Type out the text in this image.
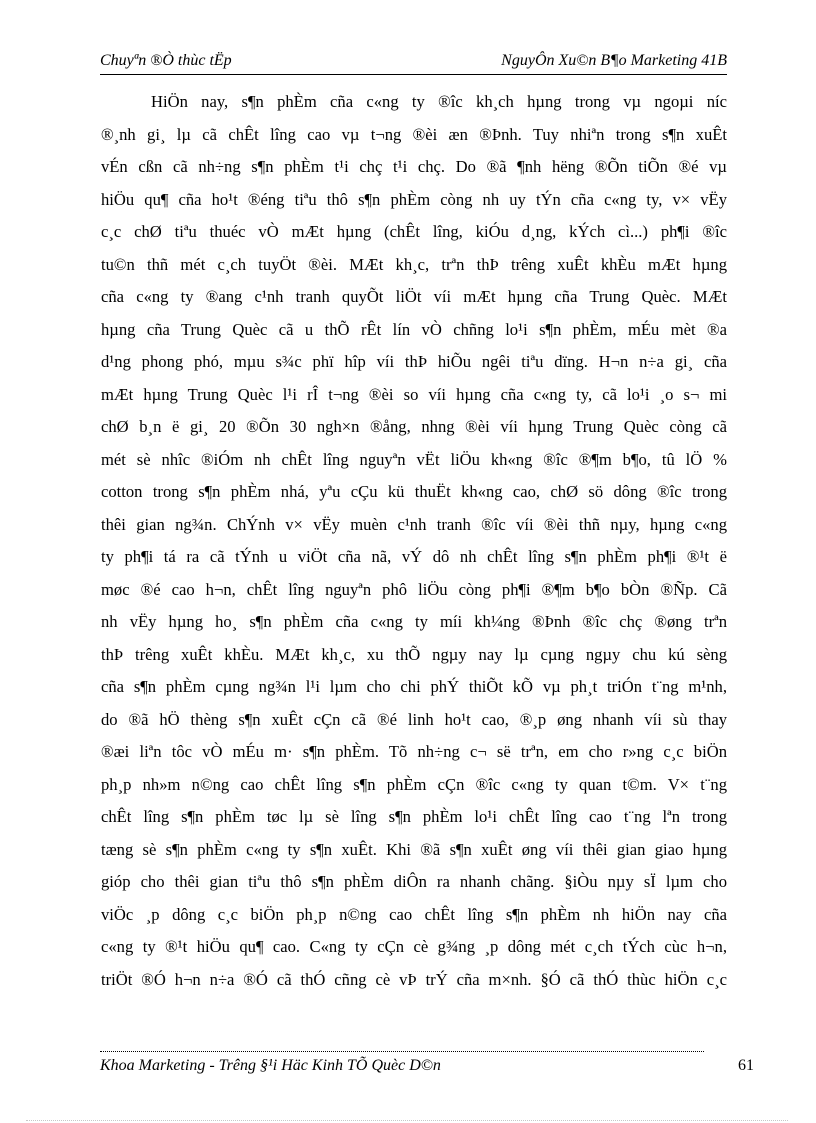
Chuyªn ®Ò thùc tËp	NguyÔn Xu©n B¶o Marketing 41B
HiÖn nay, s¶n phÈm cña c«ng ty ®îc kh¸ch hµng trong vµ ngoµi níc
®¸nh gi¸ lµ cã chÊt lîng cao vµ t¬ng ®èi æn ®Þnh. Tuy nhiªn trong s¶n xuÊt
vÉn cßn cã nh÷ng s¶n phÈm t¹i chç t¹i chç. Do ®ã ¶nh hëng ®Õn tiÕn ®é vµ
hiÖu qu¶ cña ho¹t ®éng tiªu thô s¶n phÈm còng nh uy tÝn cña c«ng ty, v× vËy
c¸c chØ tiªu thuéc vÒ mÆt hµng (chÊt lîng, kiÓu d¸ng, kÝch cì...) ph¶i ®îc
tu©n thñ mét c¸ch tuyÖt ®èi. MÆt kh¸c, trªn thÞ trêng xuÊt khÈu mÆt hµng
cña c«ng ty ®ang c¹nh tranh quyÕt liÖt víi mÆt hµng cña Trung Quèc. MÆt
hµng cña Trung Quèc cã u thÕ rÊt lín vÒ chñng lo¹i s¶n phÈm, mÉu mèt ®a
d¹ng phong phó, mµu s¾c phï hîp víi thÞ hiÕu ngêi tiªu dïng. H¬n n÷a gi¸ cña
mÆt hµng Trung Quèc l¹i rÎ t¬ng ®èi so víi hµng cña c«ng ty, cã lo¹i ¸o s¬ mi
chØ b¸n ë gi¸ 20 ®Õn 30 ngh×n ®ång, nhng ®èi víi hµng Trung Quèc còng cã
mét sè nhîc ®iÓm nh chÊt lîng nguyªn vËt liÖu kh«ng ®îc ®¶m b¶o, tû lÖ %
cotton trong s¶n phÈm nhá, yªu cÇu kü thuËt kh«ng cao, chØ sö dông ®îc trong
thêi gian ng¾n. ChÝnh v× vËy muèn c¹nh tranh ®îc víi ®èi thñ nµy, hµng c«ng
ty ph¶i tá ra cã tÝnh u viÖt cña nã, vÝ dô nh chÊt lîng s¶n phÈm ph¶i ®¹t ë
møc ®é cao h¬n, chÊt lîng nguyªn phô liÖu còng ph¶i ®¶m b¶o bÒn ®Ñp. Cã
nh vËy hµng ho¸ s¶n phÈm cña c«ng ty míi kh¼ng ®Þnh ®îc chç ®øng trªn
thÞ trêng xuÊt khÈu. MÆt kh¸c, xu thÕ ngµy nay lµ cµng ngµy chu kú sèng
cña s¶n phÈm cµng ng¾n l¹i lµm cho chi phÝ thiÕt kÕ vµ ph¸t triÓn t¨ng m¹nh,
do ®ã hÖ thèng s¶n xuÊt cÇn cã ®é linh ho¹t cao, ®¸p øng nhanh víi sù thay
®æi liªn tôc vÒ mÉu m· s¶n phÈm. Tõ nh÷ng c¬ së trªn, em cho r»ng c¸c biÖn
ph¸p nh»m n©ng cao chÊt lîng s¶n phÈm cÇn ®îc c«ng ty quan t©m. V× t¨ng
chÊt lîng s¶n phÈm tøc lµ sè lîng s¶n phÈm lo¹i chÊt lîng cao t¨ng lªn trong
tæng sè s¶n phÈm c«ng ty s¶n xuÊt. Khi ®ã s¶n xuÊt øng víi thêi gian giao hµng
gióp cho thêi gian tiªu thô s¶n phÈm diÔn ra nhanh chãng. §iÒu nµy sÏ lµm cho
viÖc ¸p dông c¸c biÖn ph¸p n©ng cao chÊt lîng s¶n phÈm nh hiÖn nay cña
c«ng ty ®¹t hiÖu qu¶ cao. C«ng ty cÇn cè g¾ng ¸p dông mét c¸ch tÝch cùc h¬n,
triÖt ®Ó h¬n n÷a ®Ó cã thÓ cñng cè vÞ trÝ cña m×nh. §Ó cã thÓ thùc hiÖn c¸c
Khoa Marketing - Trêng §¹i Häc Kinh TÕ Quèc D©n	61
